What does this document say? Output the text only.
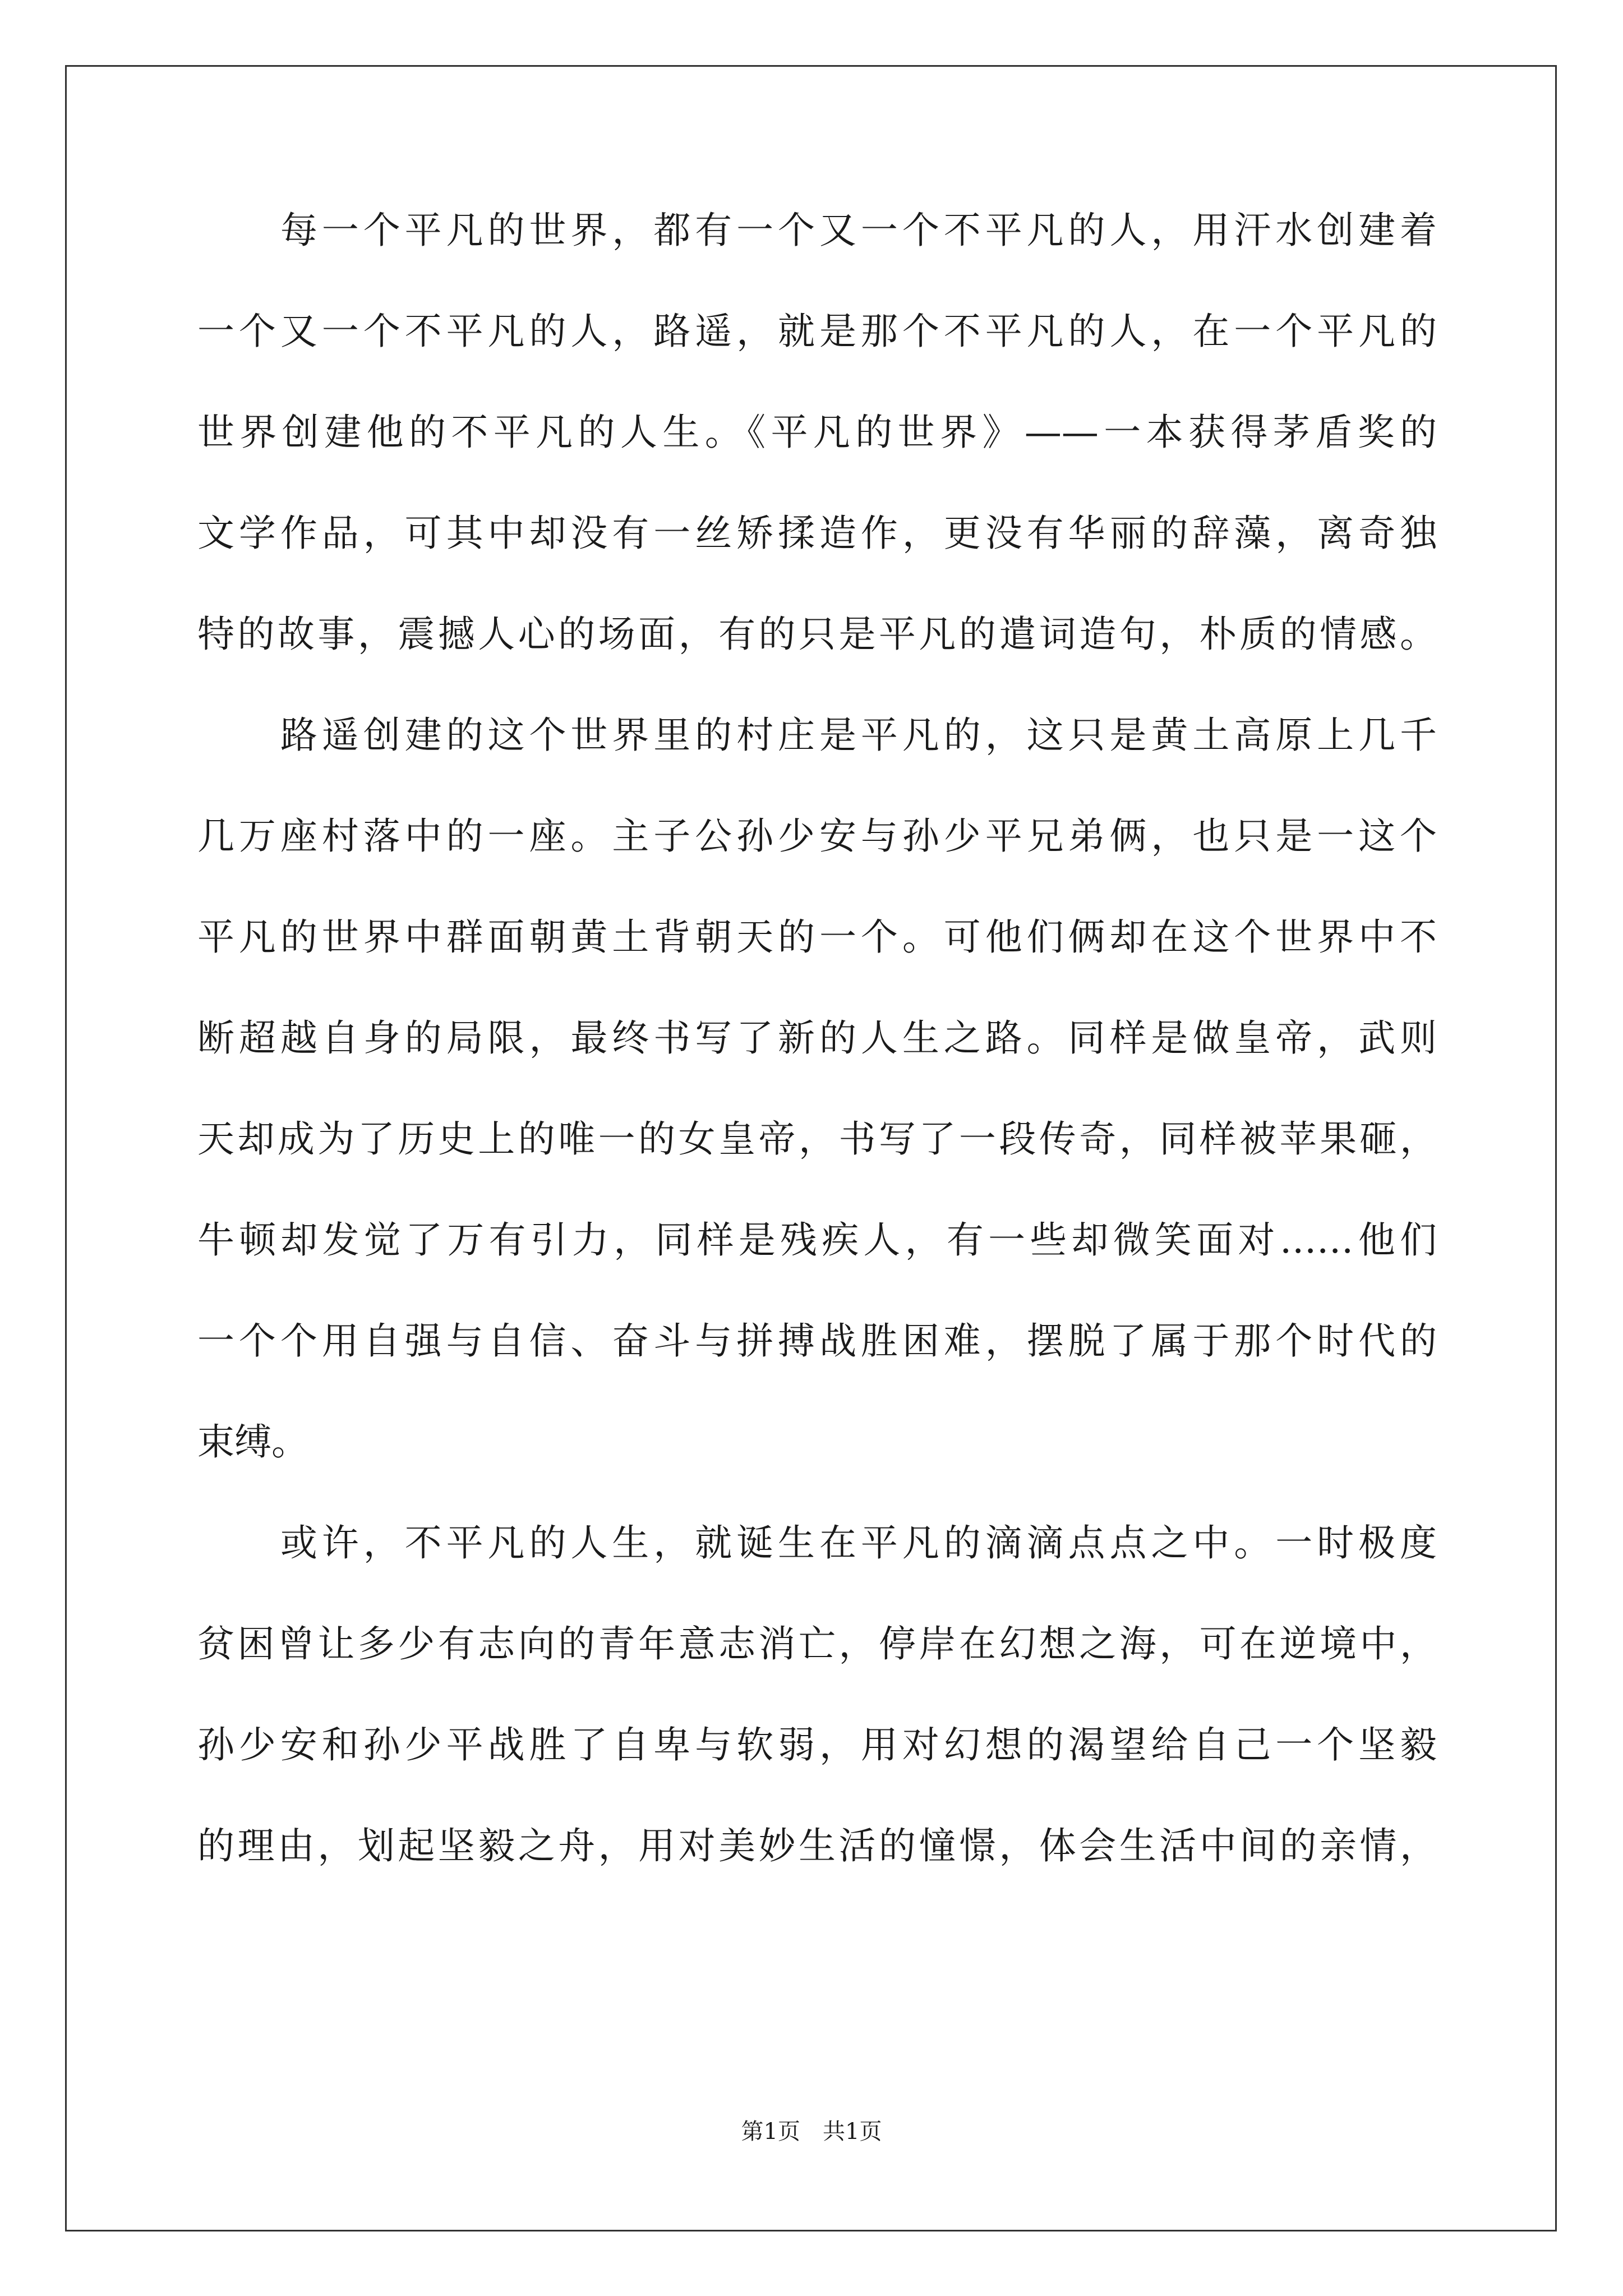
　　每一个平凡的世界，都有一个又一个不平凡的人，用汗水创建着
一个又一个不平凡的人，路遥，就是那个不平凡的人，在一个平凡的
世界创建他的不平凡的人生。《平凡的世界》——一本获得茅盾奖的
文学作品，可其中却没有一丝矫揉造作，更没有华丽的辞藻，离奇独
特的故事，震撼人心的场面，有的只是平凡的遣词造句，朴质的情感。
　　路遥创建的这个世界里的村庄是平凡的，这只是黄土高原上几千
几万座村落中的一座。主子公孙少安与孙少平兄弟俩，也只是一这个
平凡的世界中群面朝黄土背朝天的一个。可他们俩却在这个世界中不
断超越自身的局限，最终书写了新的人生之路。同样是做皇帝，武则
天却成为了历史上的唯一的女皇帝，书写了一段传奇，同样被苹果砸，
牛顿却发觉了万有引力，同样是残疾人，有一些却微笑面对……他们
一个个用自强与自信、奋斗与拼搏战胜困难，摆脱了属于那个时代的
束缚。
　　或许，不平凡的人生，就诞生在平凡的滴滴点点之中。一时极度
贫困曾让多少有志向的青年意志消亡，停岸在幻想之海，可在逆境中，
孙少安和孙少平战胜了自卑与软弱，用对幻想的渴望给自己一个坚毅
的理由，划起坚毅之舟，用对美妙生活的憧憬，体会生活中间的亲情，
第1页　共1页
